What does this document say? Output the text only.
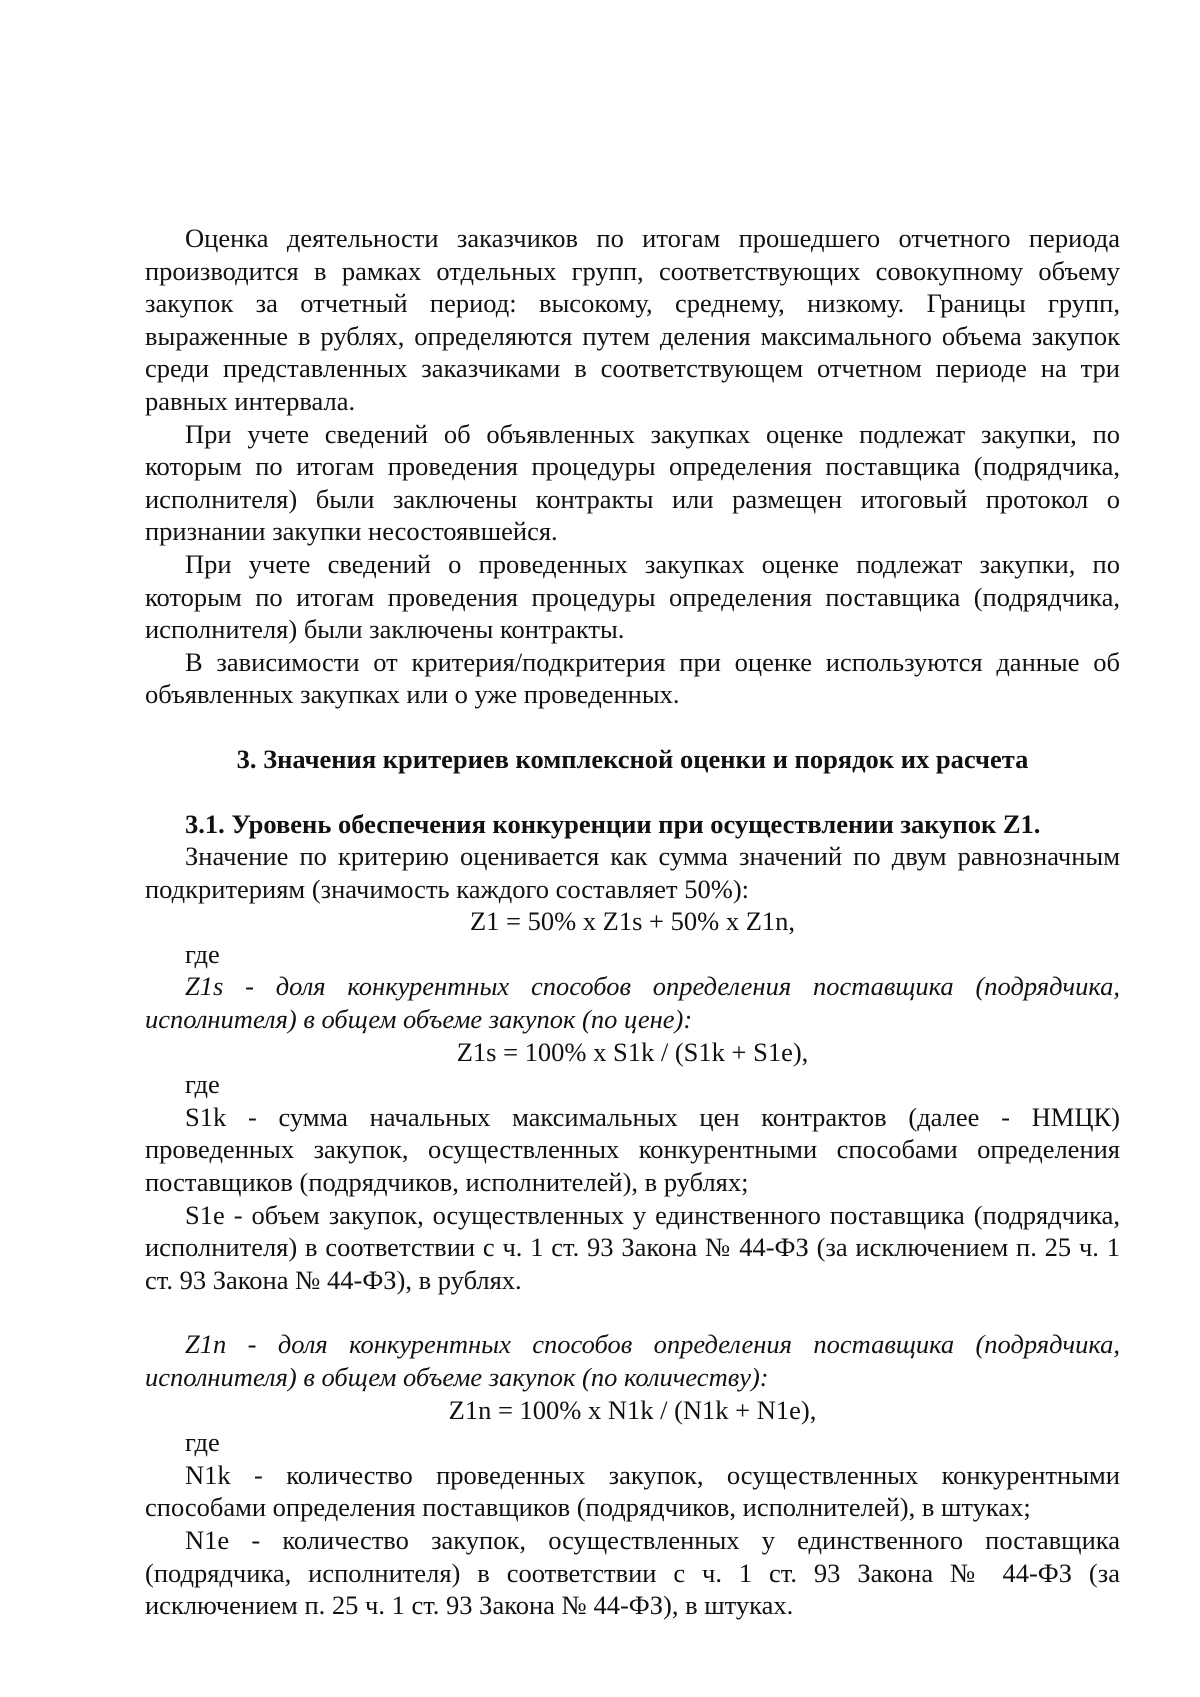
Оценка деятельности заказчиков по итогам прошедшего отчетного периода производится в рамках отдельных групп, соответствующих совокупному объему закупок за отчетный период: высокому, среднему, низкому. Границы групп, выраженные в рублях, определяются путем деления максимального объема закупок среди представленных заказчиками в соответствующем отчетном периоде на три равных интервала.

При учете сведений об объявленных закупках оценке подлежат закупки, по которым по итогам проведения процедуры определения поставщика (подрядчика, исполнителя) были заключены контракты или размещен итоговый протокол о признании закупки несостоявшейся.

При учете сведений о проведенных закупках оценке подлежат закупки, по которым по итогам проведения процедуры определения поставщика (подрядчика, исполнителя) были заключены контракты.

В зависимости от критерия/подкритерия при оценке используются данные об объявленных закупках или о уже проведенных.

3. Значения критериев комплексной оценки и порядок их расчета

3.1. Уровень обеспечения конкуренции при осуществлении закупок Z1.

Значение по критерию оценивается как сумма значений по двум равнозначным подкритериям (значимость каждого составляет 50%):

Z1 = 50% x Z1s + 50% x Z1n,

где

Z1s - доля конкурентных способов определения поставщика (подрядчика, исполнителя) в общем объеме закупок (по цене):

Z1s = 100% x S1k / (S1k + S1e),

где

S1k - сумма начальных максимальных цен контрактов (далее - НМЦК) проведенных закупок, осуществленных конкурентными способами определения поставщиков (подрядчиков, исполнителей), в рублях;

S1e - объем закупок, осуществленных у единственного поставщика (подрядчика, исполнителя) в соответствии с ч. 1 ст. 93 Закона № 44-ФЗ (за исключением п. 25 ч. 1 ст. 93 Закона № 44-ФЗ), в рублях.

Z1n - доля конкурентных способов определения поставщика (подрядчика, исполнителя) в общем объеме закупок (по количеству):

Z1n = 100% x N1k / (N1k + N1e),

где

N1k - количество проведенных закупок, осуществленных конкурентными способами определения поставщиков (подрядчиков, исполнителей), в штуках;

N1e - количество закупок, осуществленных у единственного поставщика (подрядчика, исполнителя) в соответствии с ч. 1 ст. 93 Закона № 44-ФЗ (за исключением п. 25 ч. 1 ст. 93 Закона № 44-ФЗ), в штуках.
